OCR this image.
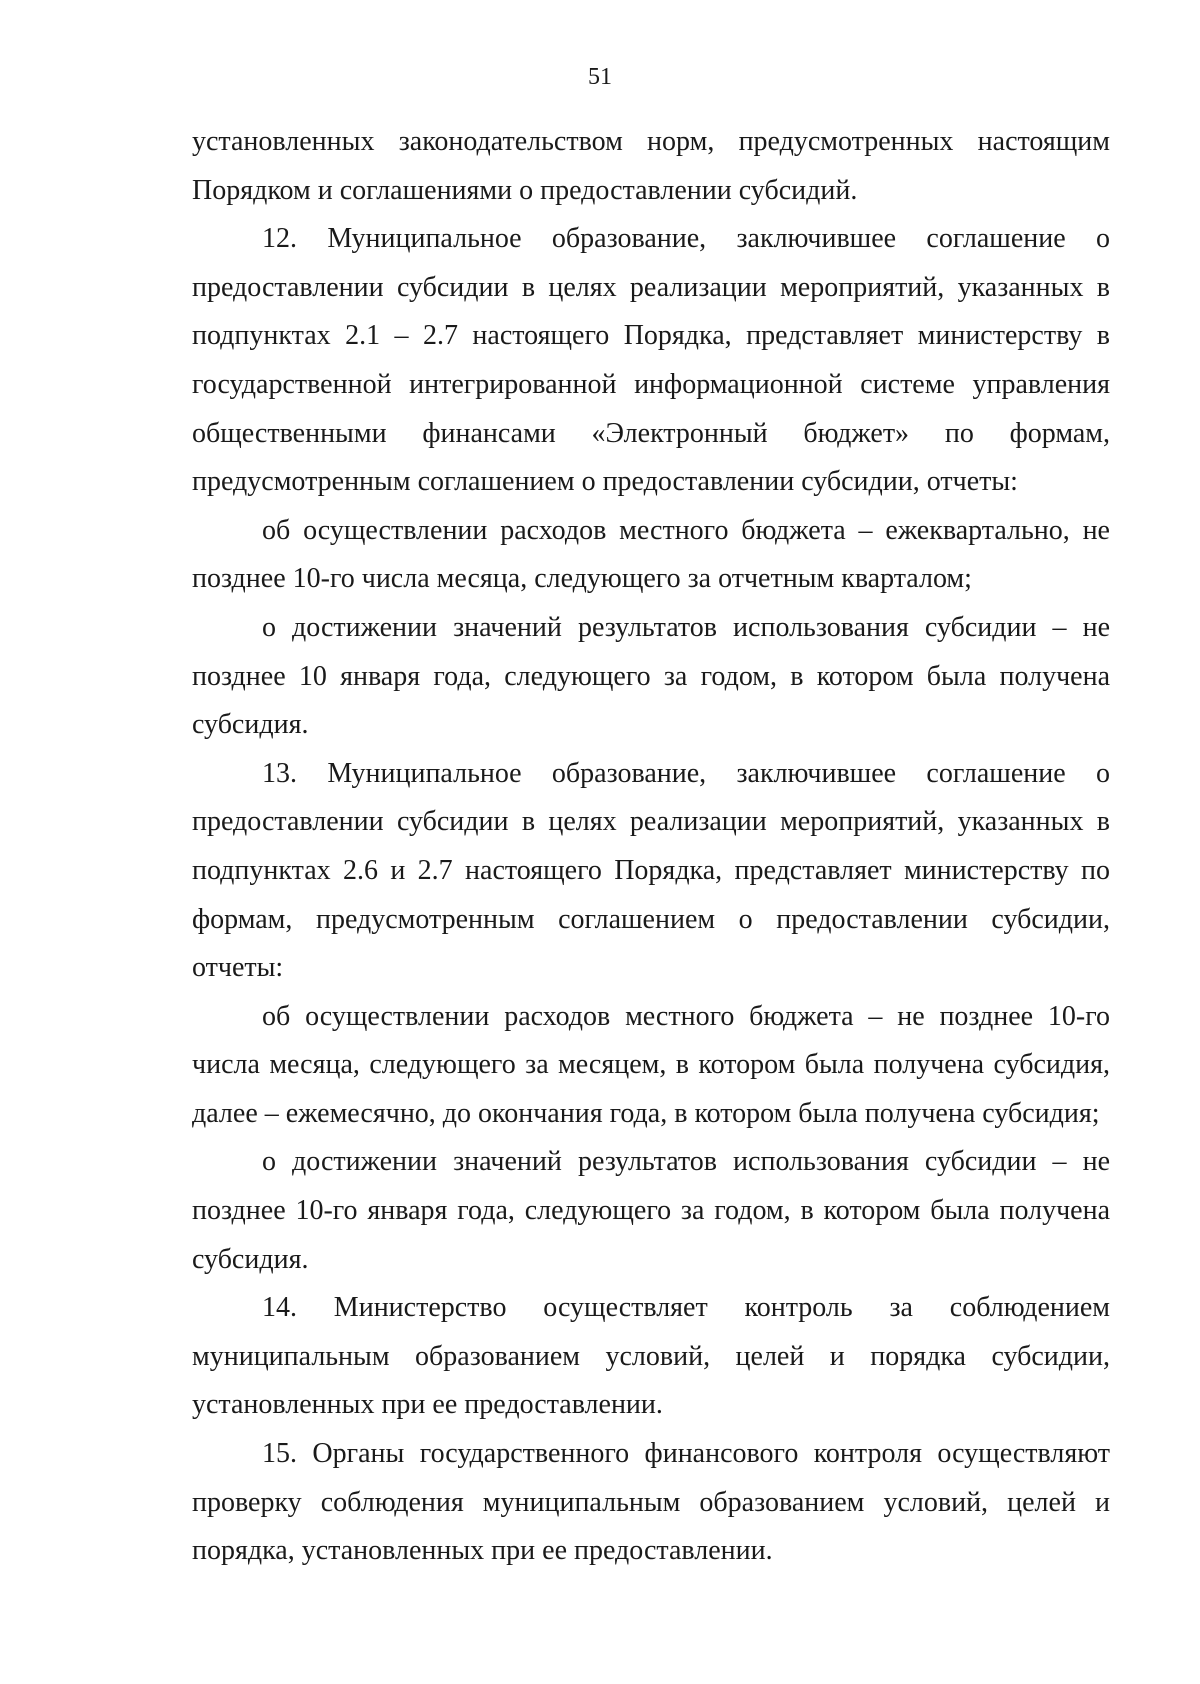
51

установленных законодательством норм, предусмотренных настоящим Порядком и соглашениями о предоставлении субсидий.

12. Муниципальное образование, заключившее соглашение о предоставлении субсидии в целях реализации мероприятий, указанных в подпунктах 2.1 – 2.7 настоящего Порядка, представляет министерству в государственной интегрированной информационной системе управления общественными финансами «Электронный бюджет» по формам, предусмотренным соглашением о предоставлении субсидии, отчеты:

об осуществлении расходов местного бюджета – ежеквартально, не позднее 10-го числа месяца, следующего за отчетным кварталом;

о достижении значений результатов использования субсидии – не позднее 10 января года, следующего за годом, в котором была получена субсидия.

13. Муниципальное образование, заключившее соглашение о предоставлении субсидии в целях реализации мероприятий, указанных в подпунктах 2.6 и 2.7 настоящего Порядка, представляет министерству по формам, предусмотренным соглашением о предоставлении субсидии, отчеты:

об осуществлении расходов местного бюджета – не позднее 10-го числа месяца, следующего за месяцем, в котором была получена субсидия, далее – ежемесячно, до окончания года, в котором была получена субсидия;

о достижении значений результатов использования субсидии – не позднее 10-го января года, следующего за годом, в котором была получена субсидия.

14. Министерство осуществляет контроль за соблюдением муниципальным образованием условий, целей и порядка субсидии, установленных при ее предоставлении.

15. Органы государственного финансового контроля осуществляют проверку соблюдения муниципальным образованием условий, целей и порядка, установленных при ее предоставлении.
